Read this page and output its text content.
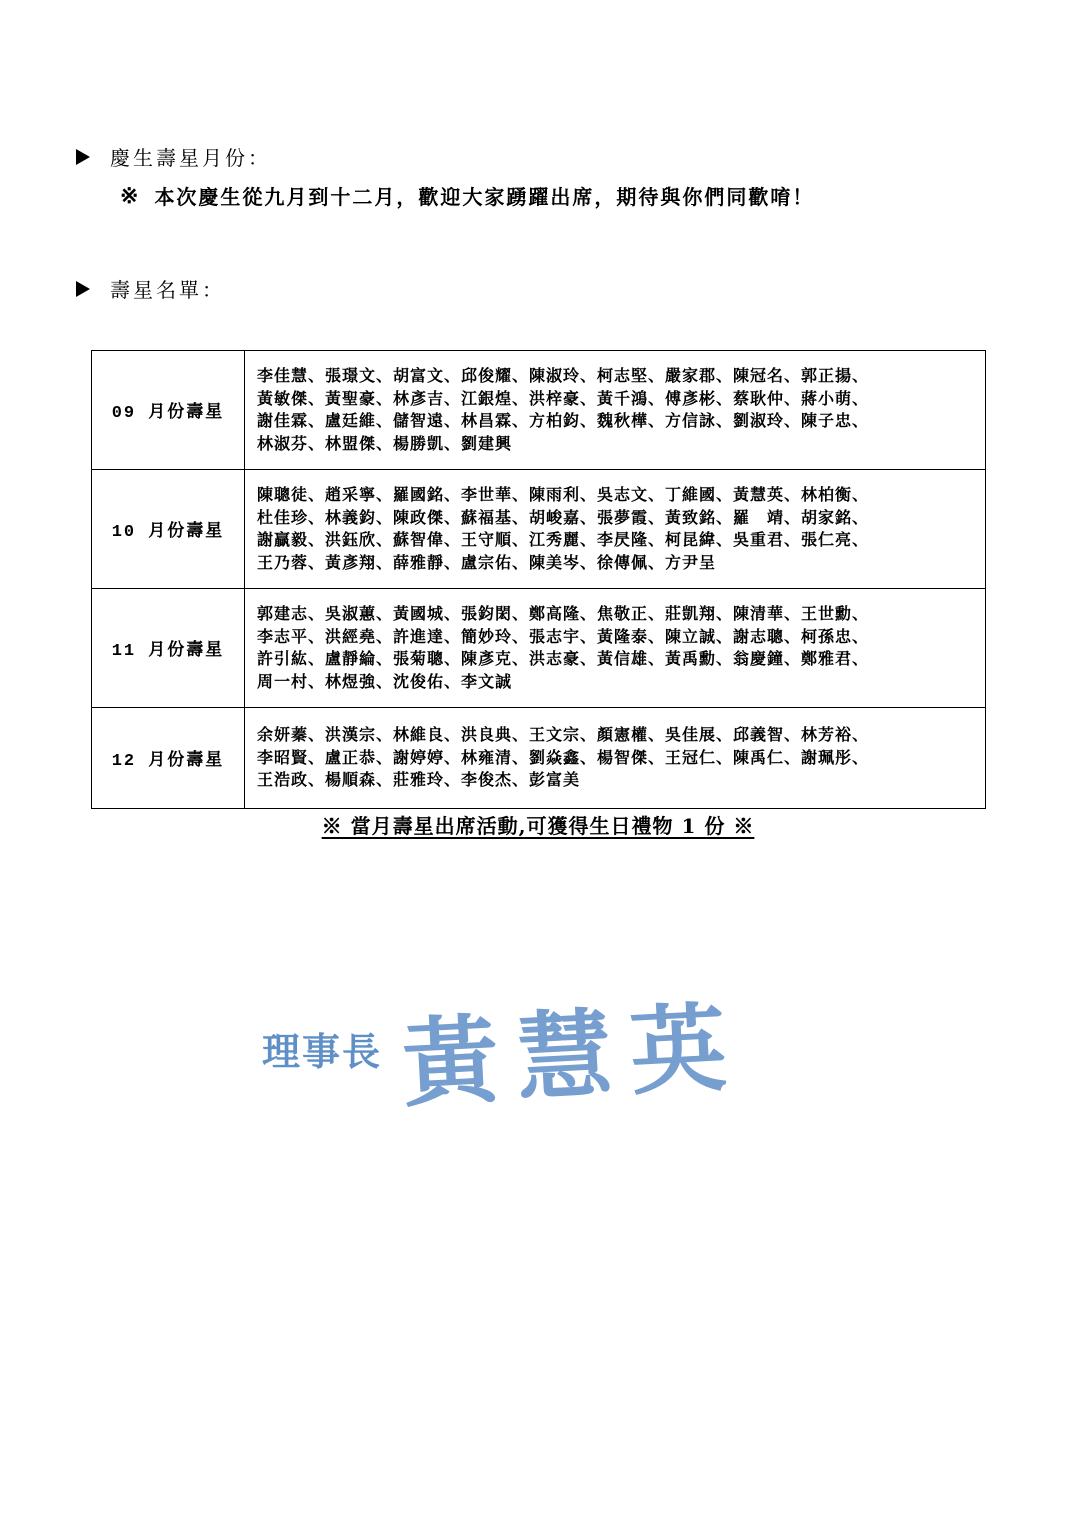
慶生壽星月份：
※ 本次慶生從九月到十二月，歡迎大家踴躍出席，期待與你們同歡唷！
壽星名單：
09 月份壽星	李佳慧、張璟文、胡富文、邱俊耀、陳淑玲、柯志堅、嚴家郡、陳冠名、郭正揚、
黃敏傑、黃聖豪、林彥吉、江銀煌、洪梓豪、黃千鴻、傅彥彬、蔡耿仲、蔣小萌、
謝佳霖、盧廷維、儲智遠、林昌霖、方柏鈞、魏秋樺、方信詠、劉淑玲、陳子忠、
林淑芬、林盟傑、楊勝凱、劉建興

10 月份壽星	陳聰徒、趙采寧、羅國銘、李世華、陳雨利、吳志文、丁維國、黃慧英、林柏衡、
杜佳珍、林義鈞、陳政傑、蘇福基、胡峻嘉、張夢霞、黃致銘、羅　靖、胡家銘、
謝贏毅、洪鈺欣、蘇智偉、王守順、江秀麗、李昃隆、柯昆緯、吳重君、張仁亮、
王乃蓉、黃彥翔、薛雅靜、盧宗佑、陳美岑、徐傳佩、方尹呈

11 月份壽星	郭建志、吳淑蕙、黃國城、張鈞閎、鄭高隆、焦敬正、莊凱翔、陳清華、王世勳、
李志平、洪經堯、許進達、簡妙玲、張志宇、黃隆泰、陳立誠、謝志聰、柯孫忠、
許引紘、盧靜綸、張菊聰、陳彥克、洪志豪、黃信雄、黃禹勳、翁慶鐘、鄭雅君、
周一村、林煜強、沈俊佑、李文誠

12 月份壽星	余妍蓁、洪漢宗、林維良、洪良典、王文宗、顏憲權、吳佳展、邱義智、林芳裕、
李昭賢、盧正恭、謝婷婷、林雍清、劉焱鑫、楊智傑、王冠仁、陳禹仁、謝珮彤、
王浩政、楊順森、莊雅玲、李俊杰、彭富美
※ 當月壽星出席活動,可獲得生日禮物 1 份 ※
理事長 黃慧英
